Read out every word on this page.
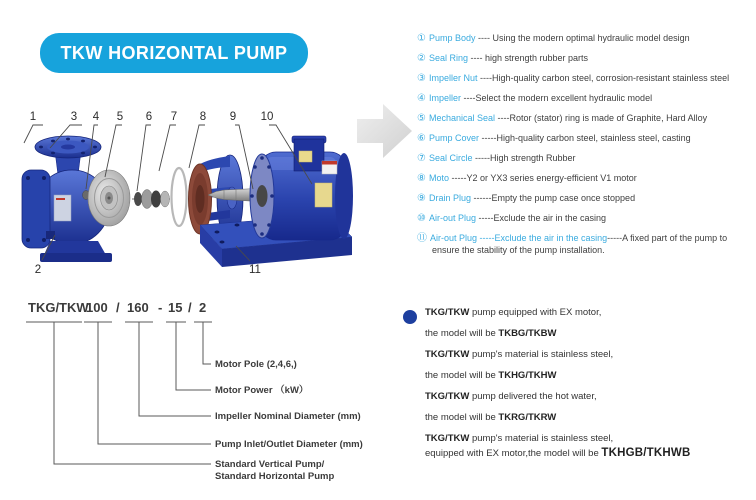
TKW HORIZONTAL PUMP
1	3 4 5 6 7 8 9 10
2	11
① Pump Body ---- Using the modern optimal hydraulic model design
② Seal Ring ---- high strength rubber parts
③ Impeller Nut ----High-quality carbon steel, corrosion-resistant stainless steel
④ Impeller ----Select the modern excellent hydraulic model
⑤ Mechanical Seal ----Rotor (stator) ring is made of Graphite, Hard Alloy
⑥ Pump Cover -----High-quality carbon steel, stainless steel, casting
⑦ Seal Circle -----High strength Rubber
⑧ Moto -----Y2 or YX3 series energy-efficient V1 motor
⑨ Drain Plug ------Empty the pump case once stopped
⑩ Air-out Plug -----Exclude the air in the casing
⑪ Air-out Plug -----Exclude the air in the casing-----A fixed part of the pump to ensure the stability of the pump installation.
TKG/TKW
100 / 160 - 15 / 2
Motor Pole (2,4,6,)
Motor Power （kW）
Impeller Nominal Diameter (mm)
Pump Inlet/Outlet Diameter (mm)
Standard Vertical Pump/
Standard Horizontal Pump
TKG/TKW pump equipped with EX motor,
the model will be TKBG/TKBW
TKG/TKW pump's material is stainless steel,
the model will be TKHG/TKHW
TKG/TKW pump delivered the hot water,
the model will be TKRG/TKRW
TKG/TKW pump's material is stainless steel,
equipped with EX motor,the model will be TKHGB/TKHWB
